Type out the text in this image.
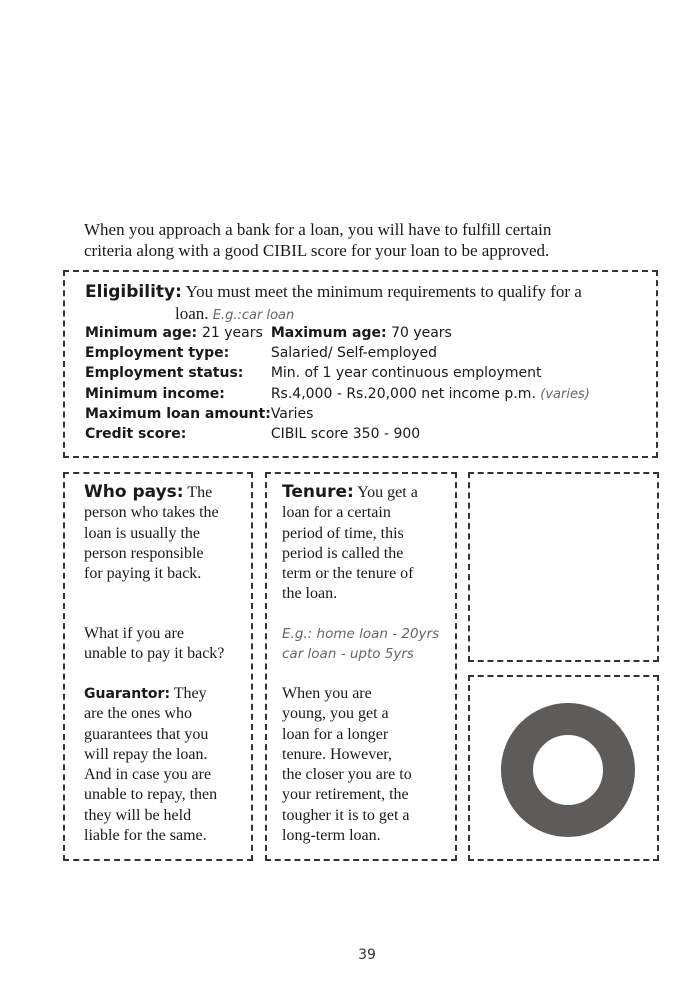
When you approach a bank for a loan, you will have to fulfill certain
criteria along with a good CIBIL score for your loan to be approved.

Eligibility: You must meet the minimum requirements to qualify for a

loan. E.g.:car loan

Minimum age: 21 years	Maximum age: 70 years
Employment type:	Salaried/ Self-employed
Employment status:	Min. of 1 year continuous employment
Minimum income:	Rs.4,000 - Rs.20,000 net income p.m. (varies)
Maximum loan amount:	Varies
Credit score:	CIBIL score 350 - 900

Who pays: The
person who takes the
loan is usually the
person responsible
for paying it back.

What if you are
unable to pay it back?

Guarantor: They
are the ones who
guarantees that you
will repay the loan.
And in case you are
unable to repay, then
they will be held
liable for the same.

Tenure: You get a
loan for a certain
period of time, this
period is called the
term or the tenure of
the loan.

E.g.: home loan - 20yrs
car loan - upto 5yrs

When you are
young, you get a
loan for a longer
tenure. However,
the closer you are to
your retirement, the
tougher it is to get a
long-term loan.

39
